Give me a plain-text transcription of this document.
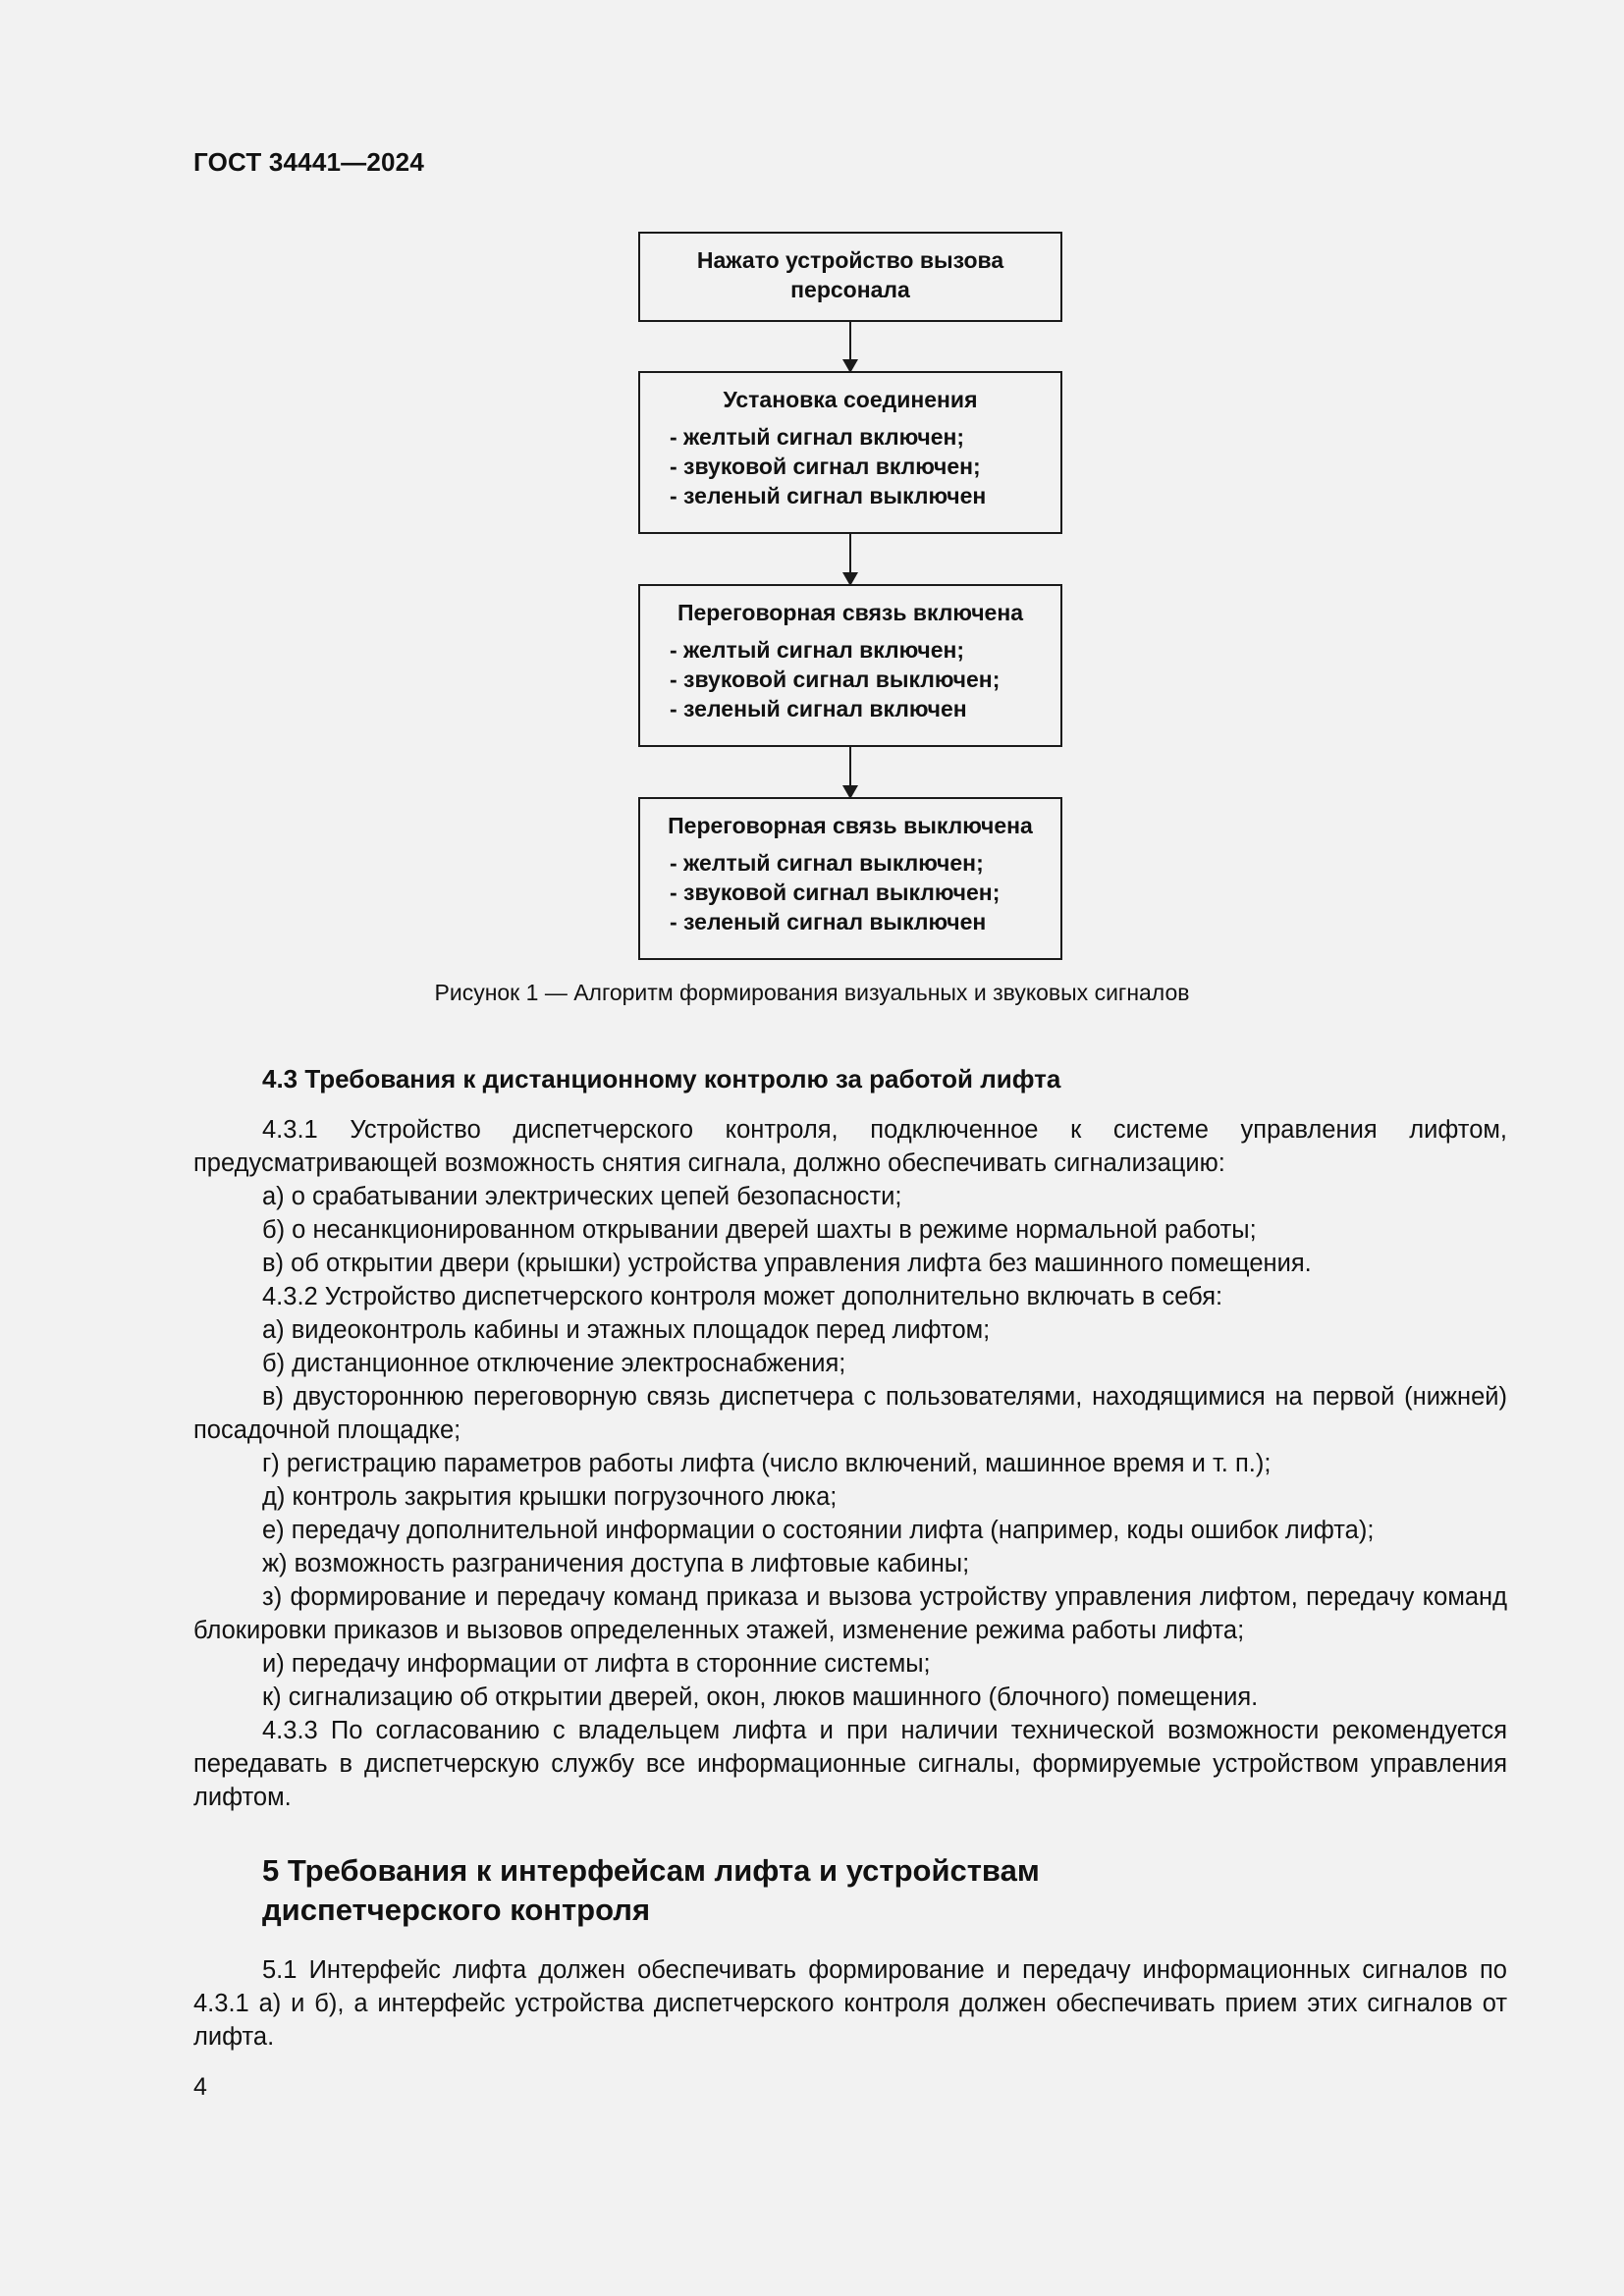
ГОСТ 34441—2024
Нажато устройство вызова персонала
Установка соединения
- желтый сигнал включен;
- звуковой сигнал включен;
- зеленый сигнал выключен
Переговорная связь включена
- желтый сигнал включен;
- звуковой сигнал выключен;
- зеленый сигнал включен
Переговорная связь выключена
- желтый сигнал выключен;
- звуковой сигнал выключен;
- зеленый сигнал выключен
Рисунок 1 — Алгоритм формирования визуальных и звуковых сигналов
4.3 Требования к дистанционному контролю за работой лифта

4.3.1 Устройство диспетчерского контроля, подключенное к системе управления лифтом, предусматривающей возможность снятия сигнала, должно обеспечивать сигнализацию:

а) о срабатывании электрических цепей безопасности;

б) о несанкционированном открывании дверей шахты в режиме нормальной работы;

в) об открытии двери (крышки) устройства управления лифта без машинного помещения.

4.3.2 Устройство диспетчерского контроля может дополнительно включать в себя:

а) видеоконтроль кабины и этажных площадок перед лифтом;

б) дистанционное отключение электроснабжения;

в) двустороннюю переговорную связь диспетчера с пользователями, находящимися на первой (нижней) посадочной площадке;

г) регистрацию параметров работы лифта (число включений, машинное время и т. п.);

д) контроль закрытия крышки погрузочного люка;

е) передачу дополнительной информации о состоянии лифта (например, коды ошибок лифта);

ж) возможность разграничения доступа в лифтовые кабины;

з) формирование и передачу команд приказа и вызова устройству управления лифтом, передачу команд блокировки приказов и вызовов определенных этажей, изменение режима работы лифта;

и) передачу информации от лифта в сторонние системы;

к) сигнализацию об открытии дверей, окон, люков машинного (блочного) помещения.

4.3.3 По согласованию с владельцем лифта и при наличии технической возможности рекомендуется передавать в диспетчерскую службу все информационные сигналы, формируемые устройством управления лифтом.

5 Требования к интерфейсам лифта и устройствам
диспетчерского контроля

5.1 Интерфейс лифта должен обеспечивать формирование и передачу информационных сигналов по 4.3.1 а) и б), а интерфейс устройства диспетчерского контроля должен обеспечивать прием этих сигналов от лифта.

4
